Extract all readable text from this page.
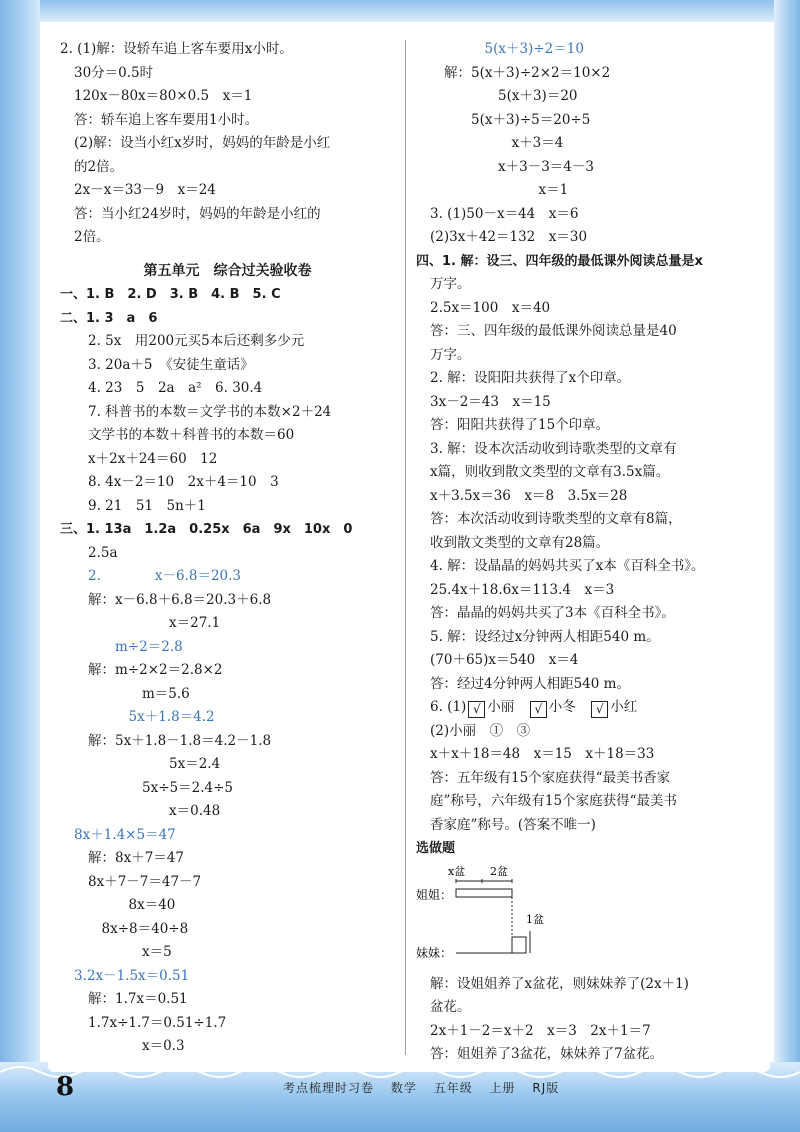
2. (1)解：设轿车追上客车要用x小时。
30分＝0.5时
120x－80x＝80×0.5　x＝1
答：轿车追上客车要用1小时。
(2)解：设当小红x岁时，妈妈的年龄是小红
的2倍。
2x－x＝33－9　x＝24
答：当小红24岁时，妈妈的年龄是小红的
2倍。
第五单元　综合过关验收卷
一、1. B　2. D　3. B　4. B　5. C
二、1. 3　a　6
2. 5x　用200元买5本后还剩多少元
3. 20a＋5　《安徒生童话》
4. 23　5　2a　a²　6. 30.4
7. 科普书的本数＝文学书的本数×2＋24
文学书的本数＋科普书的本数＝60
x＋2x＋24＝60　12
8. 4x－2＝10　2x＋4＝10　3
9. 21　51　5n＋1
三、1. 13a　1.2a　0.25x　6a　9x　10x　0
2.5a
2.　　　　x－6.8＝20.3
解：x－6.8＋6.8＝20.3＋6.8
　　　　　　x＝27.1
　　m÷2＝2.8
解：m÷2×2＝2.8×2
　　　　m＝5.6
　　　5x＋1.8＝4.2
解：5x＋1.8－1.8＝4.2－1.8
　　　　　　5x＝2.4
　　　　5x÷5＝2.4÷5
　　　　　　x＝0.48
8x＋1.4×5＝47
解：8x＋7＝47
8x＋7－7＝47－7
　　　8x＝40
　8x÷8＝40÷8
　　　　x＝5
3.2x－1.5x＝0.51
解：1.7x＝0.51
1.7x÷1.7＝0.51÷1.7
　　　　x＝0.3
　　　5(x＋3)÷2＝10
解：5(x＋3)÷2×2＝10×2
　　　　5(x＋3)＝20
　　5(x＋3)÷5＝20÷5
　　　　　x＋3＝4
　　　　x＋3－3＝4－3
　　　　　　　x＝1
3. (1)50－x＝44　x＝6
(2)3x＋42＝132　x＝30
四、1. 解：设三、四年级的最低课外阅读总量是x
万字。
2.5x＝100　x＝40
答：三、四年级的最低课外阅读总量是40
万字。
2. 解：设阳阳共获得了x个印章。
3x－2＝43　x＝15
答：阳阳共获得了15个印章。
3. 解：设本次活动收到诗歌类型的文章有
x篇，则收到散文类型的文章有3.5x篇。
x＋3.5x＝36　x＝8　3.5x＝28
答：本次活动收到诗歌类型的文章有8篇，
收到散文类型的文章有28篇。
4. 解：设晶晶的妈妈共买了x本《百科全书》。
25.4x＋18.6x＝113.4　x＝3
答：晶晶的妈妈共买了3本《百科全书》。
5. 解：设经过x分钟两人相距540 m。
(70＋65)x＝540　x＝4
答：经过4分钟两人相距540 m。
6. (1) √ 小丽　√ 小冬　√ 小红　
(2)小丽　①　③
x＋x＋18＝48　x＝15　x＋18＝33
答：五年级有15个家庭获得“最美书香家
庭”称号，六年级有15个家庭获得“最美书
香家庭”称号。(答案不唯一)
选做题
x盆 2盆
姐姐：
1盆
妹妹：
解：设姐姐养了x盆花，则妹妹养了(2x＋1)
盆花。
2x＋1－2＝x＋2　x＝3　2x＋1＝7
答：姐姐养了3盆花，妹妹养了7盆花。
8	考点梳理时习卷 数学 五年级 上册 RJ版
